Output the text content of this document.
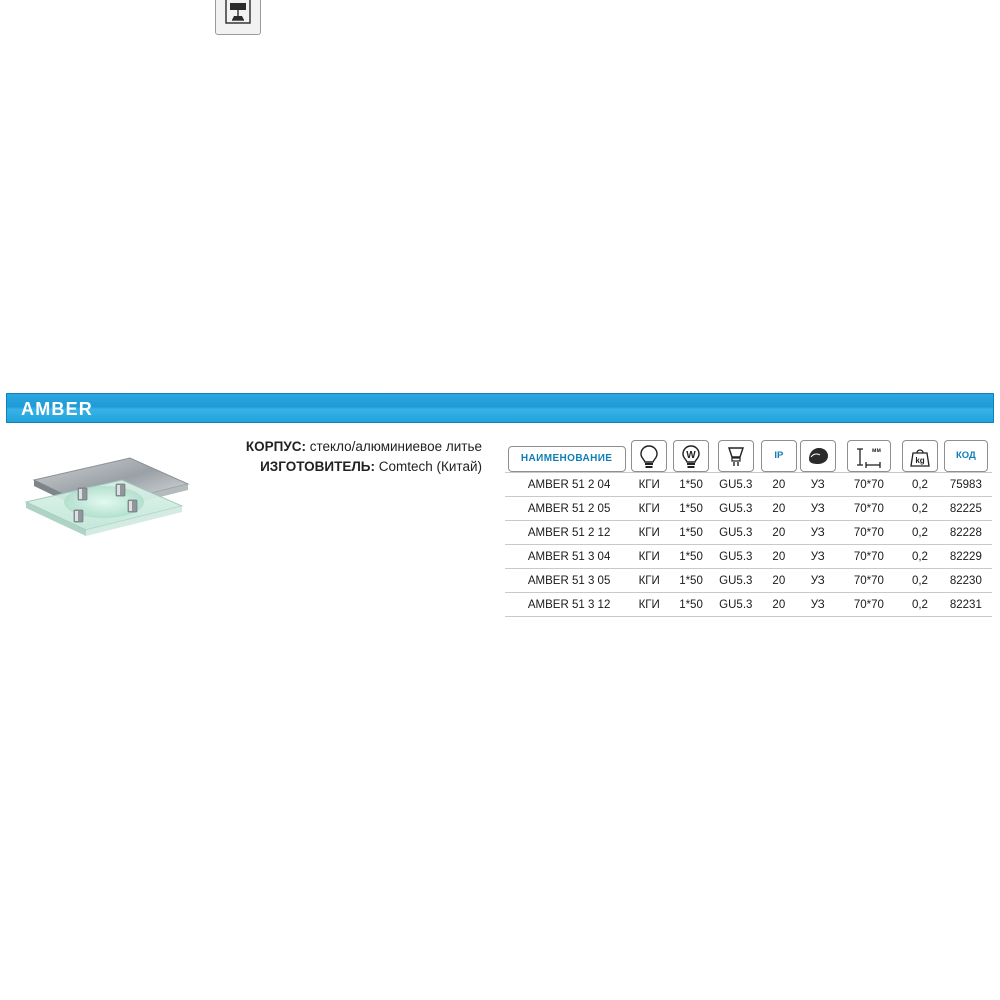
AMBER
КОРПУС: стекло/алюминиевое литье
ИЗГОТОВИТЕЛЬ: Comtech (Китай)
НАИМЕНОВАНИЕ		W		IP		мм	kg	КОД
AMBER 51 2 04	КГИ	1*50	GU5.3	20	УЗ	70*70	0,2	75983
AMBER 51 2 05	КГИ	1*50	GU5.3	20	УЗ	70*70	0,2	82225
AMBER 51 2 12	КГИ	1*50	GU5.3	20	УЗ	70*70	0,2	82228
AMBER 51 3 04	КГИ	1*50	GU5.3	20	УЗ	70*70	0,2	82229
AMBER 51 3 05	КГИ	1*50	GU5.3	20	УЗ	70*70	0,2	82230
AMBER 51 3 12	КГИ	1*50	GU5.3	20	УЗ	70*70	0,2	82231
